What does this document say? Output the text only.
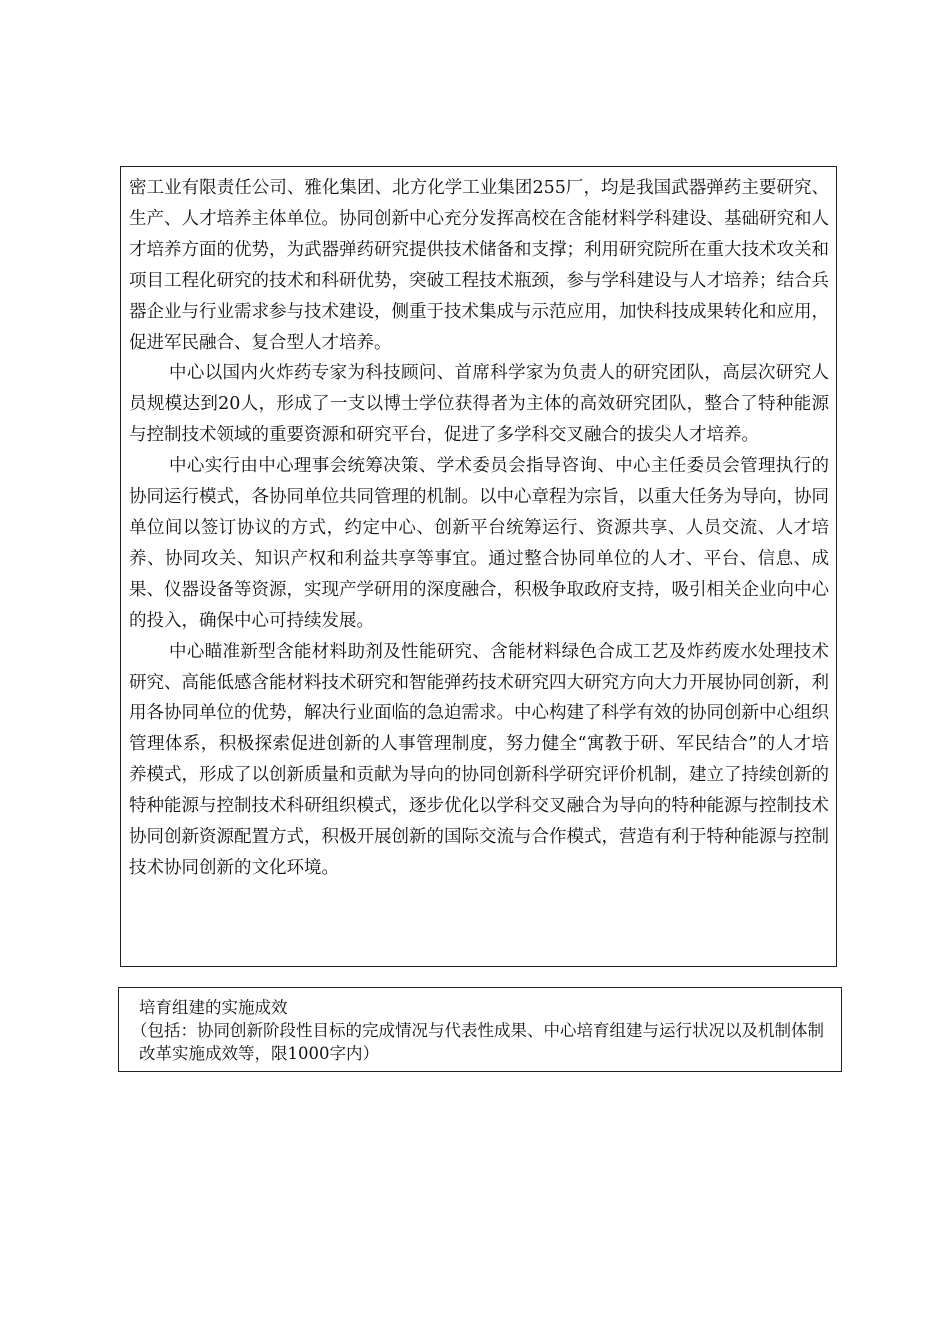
密工业有限责任公司、雅化集团、北方化学工业集团255厂，均是我国武器弹药主要研究、生产、人才培养主体单位。协同创新中心充分发挥高校在含能材料学科建设、基础研究和人才培养方面的优势，为武器弹药研究提供技术储备和支撑；利用研究院所在重大技术攻关和项目工程化研究的技术和科研优势，突破工程技术瓶颈，参与学科建设与人才培养；结合兵器企业与行业需求参与技术建设，侧重于技术集成与示范应用，加快科技成果转化和应用，促进军民融合、复合型人才培养。

中心以国内火炸药专家为科技顾问、首席科学家为负责人的研究团队，高层次研究人员规模达到20人，形成了一支以博士学位获得者为主体的高效研究团队，整合了特种能源与控制技术领域的重要资源和研究平台，促进了多学科交叉融合的拔尖人才培养。

中心实行由中心理事会统筹决策、学术委员会指导咨询、中心主任委员会管理执行的协同运行模式，各协同单位共同管理的机制。以中心章程为宗旨，以重大任务为导向，协同单位间以签订协议的方式，约定中心、创新平台统筹运行、资源共享、人员交流、人才培养、协同攻关、知识产权和利益共享等事宜。通过整合协同单位的人才、平台、信息、成果、仪器设备等资源，实现产学研用的深度融合，积极争取政府支持，吸引相关企业向中心的投入，确保中心可持续发展。

中心瞄准新型含能材料助剂及性能研究、含能材料绿色合成工艺及炸药废水处理技术研究、高能低感含能材料技术研究和智能弹药技术研究四大研究方向大力开展协同创新，利用各协同单位的优势，解决行业面临的急迫需求。中心构建了科学有效的协同创新中心组织管理体系，积极探索促进创新的人事管理制度，努力健全“寓教于研、军民结合”的人才培养模式，形成了以创新质量和贡献为导向的协同创新科学研究评价机制，建立了持续创新的特种能源与控制技术科研组织模式，逐步优化以学科交叉融合为导向的特种能源与控制技术协同创新资源配置方式，积极开展创新的国际交流与合作模式，营造有利于特种能源与控制技术协同创新的文化环境。

培育组建的实施成效

（包括：协同创新阶段性目标的完成情况与代表性成果、中心培育组建与运行状况以及机制体制改革实施成效等，限1000字内）
